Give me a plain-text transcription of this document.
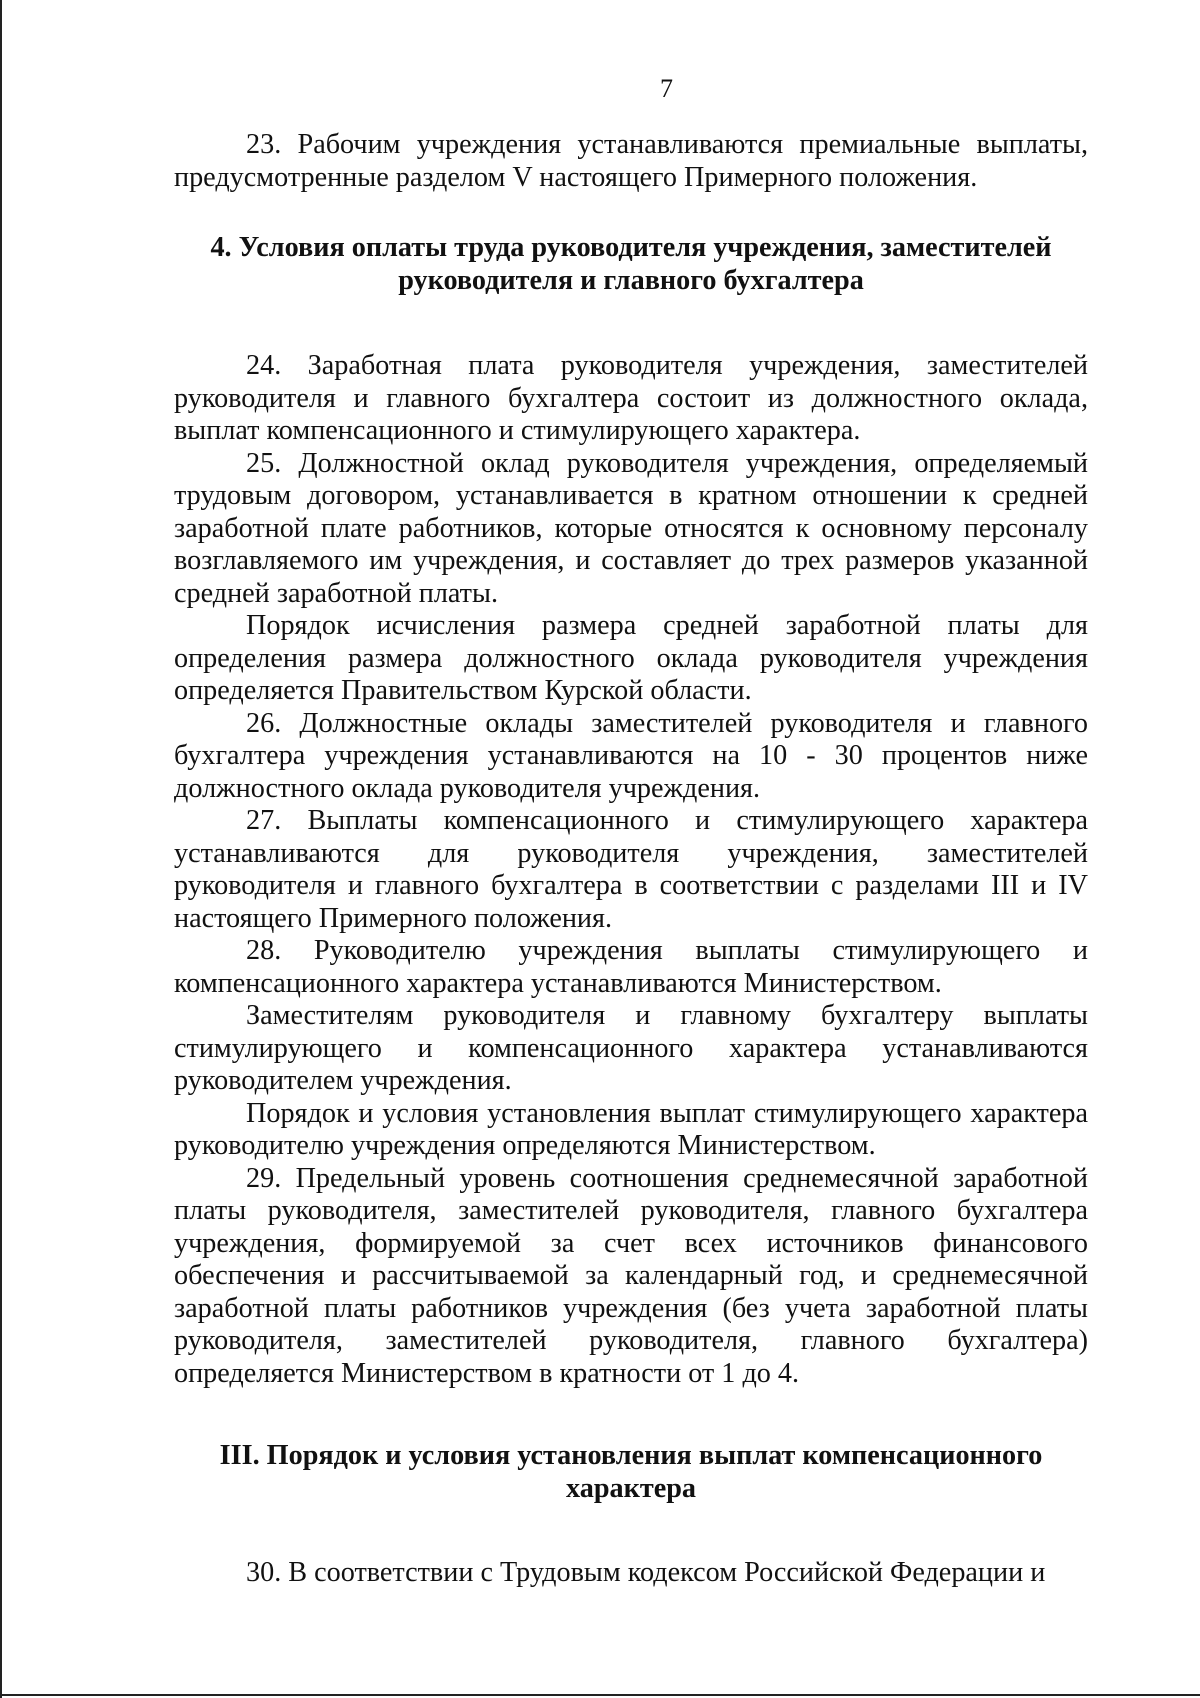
7

23. Рабочим учреждения устанавливаются премиальные выплаты, предусмотренные разделом V настоящего Примерного положения.

4. Условия оплаты труда руководителя учреждения, заместителей
руководителя и главного бухгалтера

24. Заработная плата руководителя учреждения, заместителей руководителя и главного бухгалтера состоит из должностного оклада, выплат компенсационного и стимулирующего характера.

25. Должностной оклад руководителя учреждения, определяемый трудовым договором, устанавливается в кратном отношении к средней заработной плате работников, которые относятся к основному персоналу возглавляемого им учреждения, и составляет до трех размеров указанной средней заработной платы.

Порядок исчисления размера средней заработной платы для определения размера должностного оклада руководителя учреждения определяется Правительством Курской области.

26. Должностные оклады заместителей руководителя и главного бухгалтера учреждения устанавливаются на 10 - 30 процентов ниже должностного оклада руководителя учреждения.

27. Выплаты компенсационного и стимулирующего характера устанавливаются для руководителя учреждения, заместителей руководителя и главного бухгалтера в соответствии с разделами III и IV настоящего Примерного положения.

28. Руководителю учреждения выплаты стимулирующего и компенсационного характера устанавливаются Министерством.

Заместителям руководителя и главному бухгалтеру выплаты стимулирующего и компенсационного характера устанавливаются руководителем учреждения.

Порядок и условия установления выплат стимулирующего характера руководителю учреждения определяются Министерством.

29. Предельный уровень соотношения среднемесячной заработной платы руководителя, заместителей руководителя, главного бухгалтера учреждения, формируемой за счет всех источников финансового обеспечения и рассчитываемой за календарный год, и среднемесячной заработной платы работников учреждения (без учета заработной платы руководителя, заместителей руководителя, главного бухгалтера) определяется Министерством в кратности от 1 до 4.

III. Порядок и условия установления выплат компенсационного
характера

30. В соответствии с Трудовым кодексом Российской Федерации и
